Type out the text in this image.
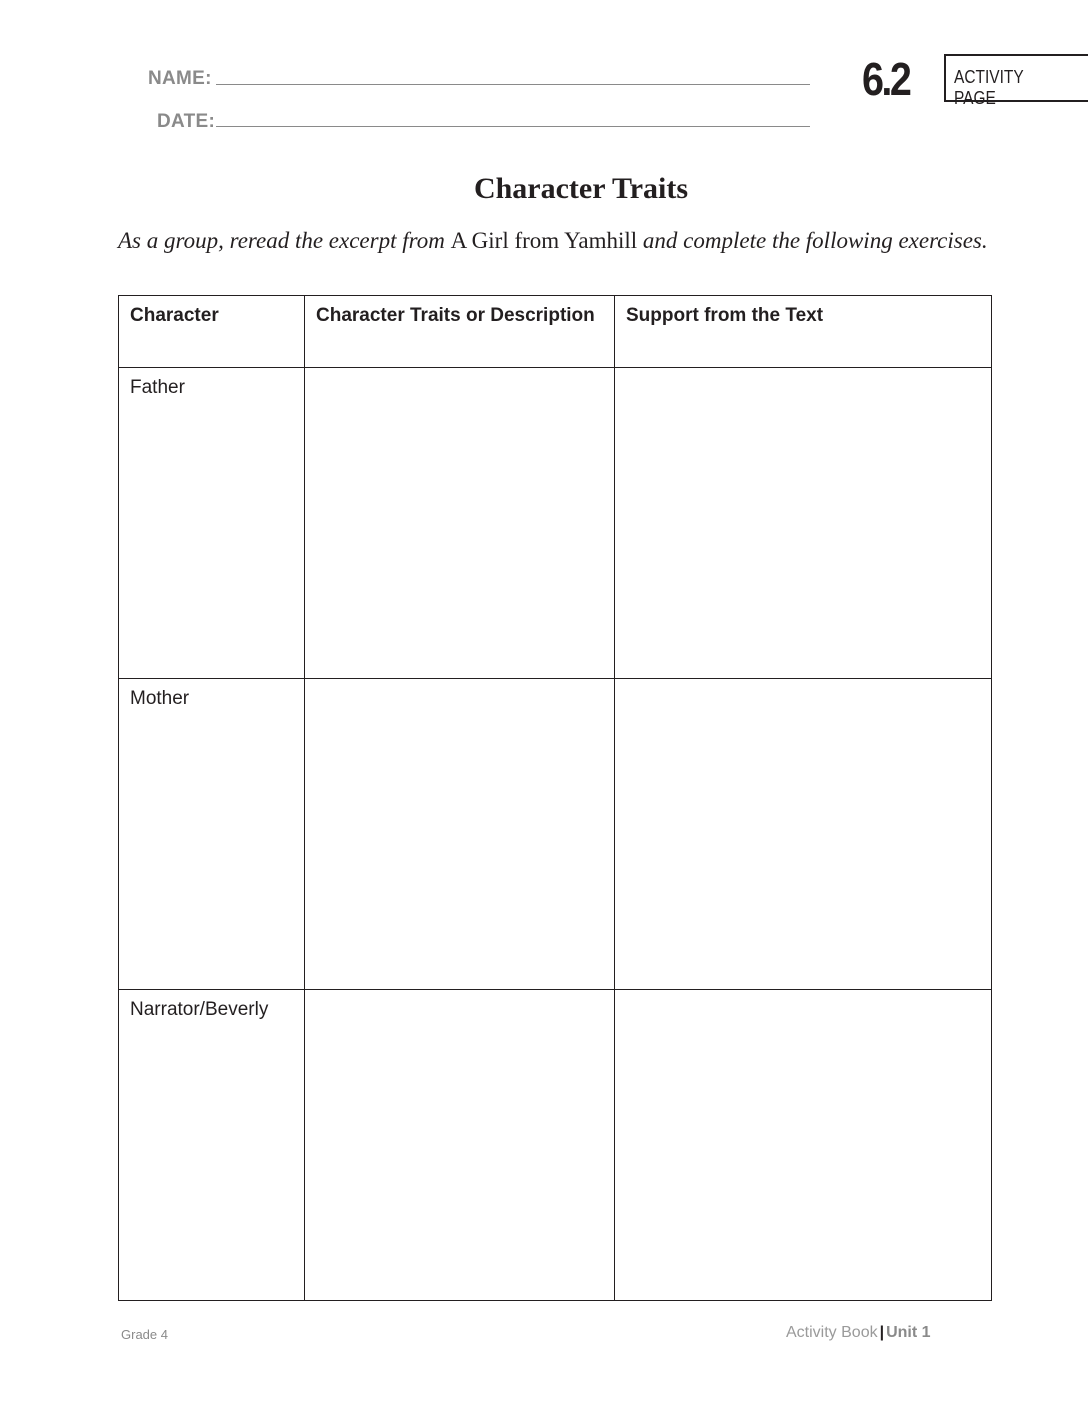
NAME:
DATE:
6.2 ACTIVITY PAGE
Character Traits
As a group, reread the excerpt from A Girl from Yamhill and complete the following exercises.
Character	Character Traits or Description	Support from the Text
Father		
Mother		
Narrator/Beverly		
Grade 4	Activity Book | Unit 1
